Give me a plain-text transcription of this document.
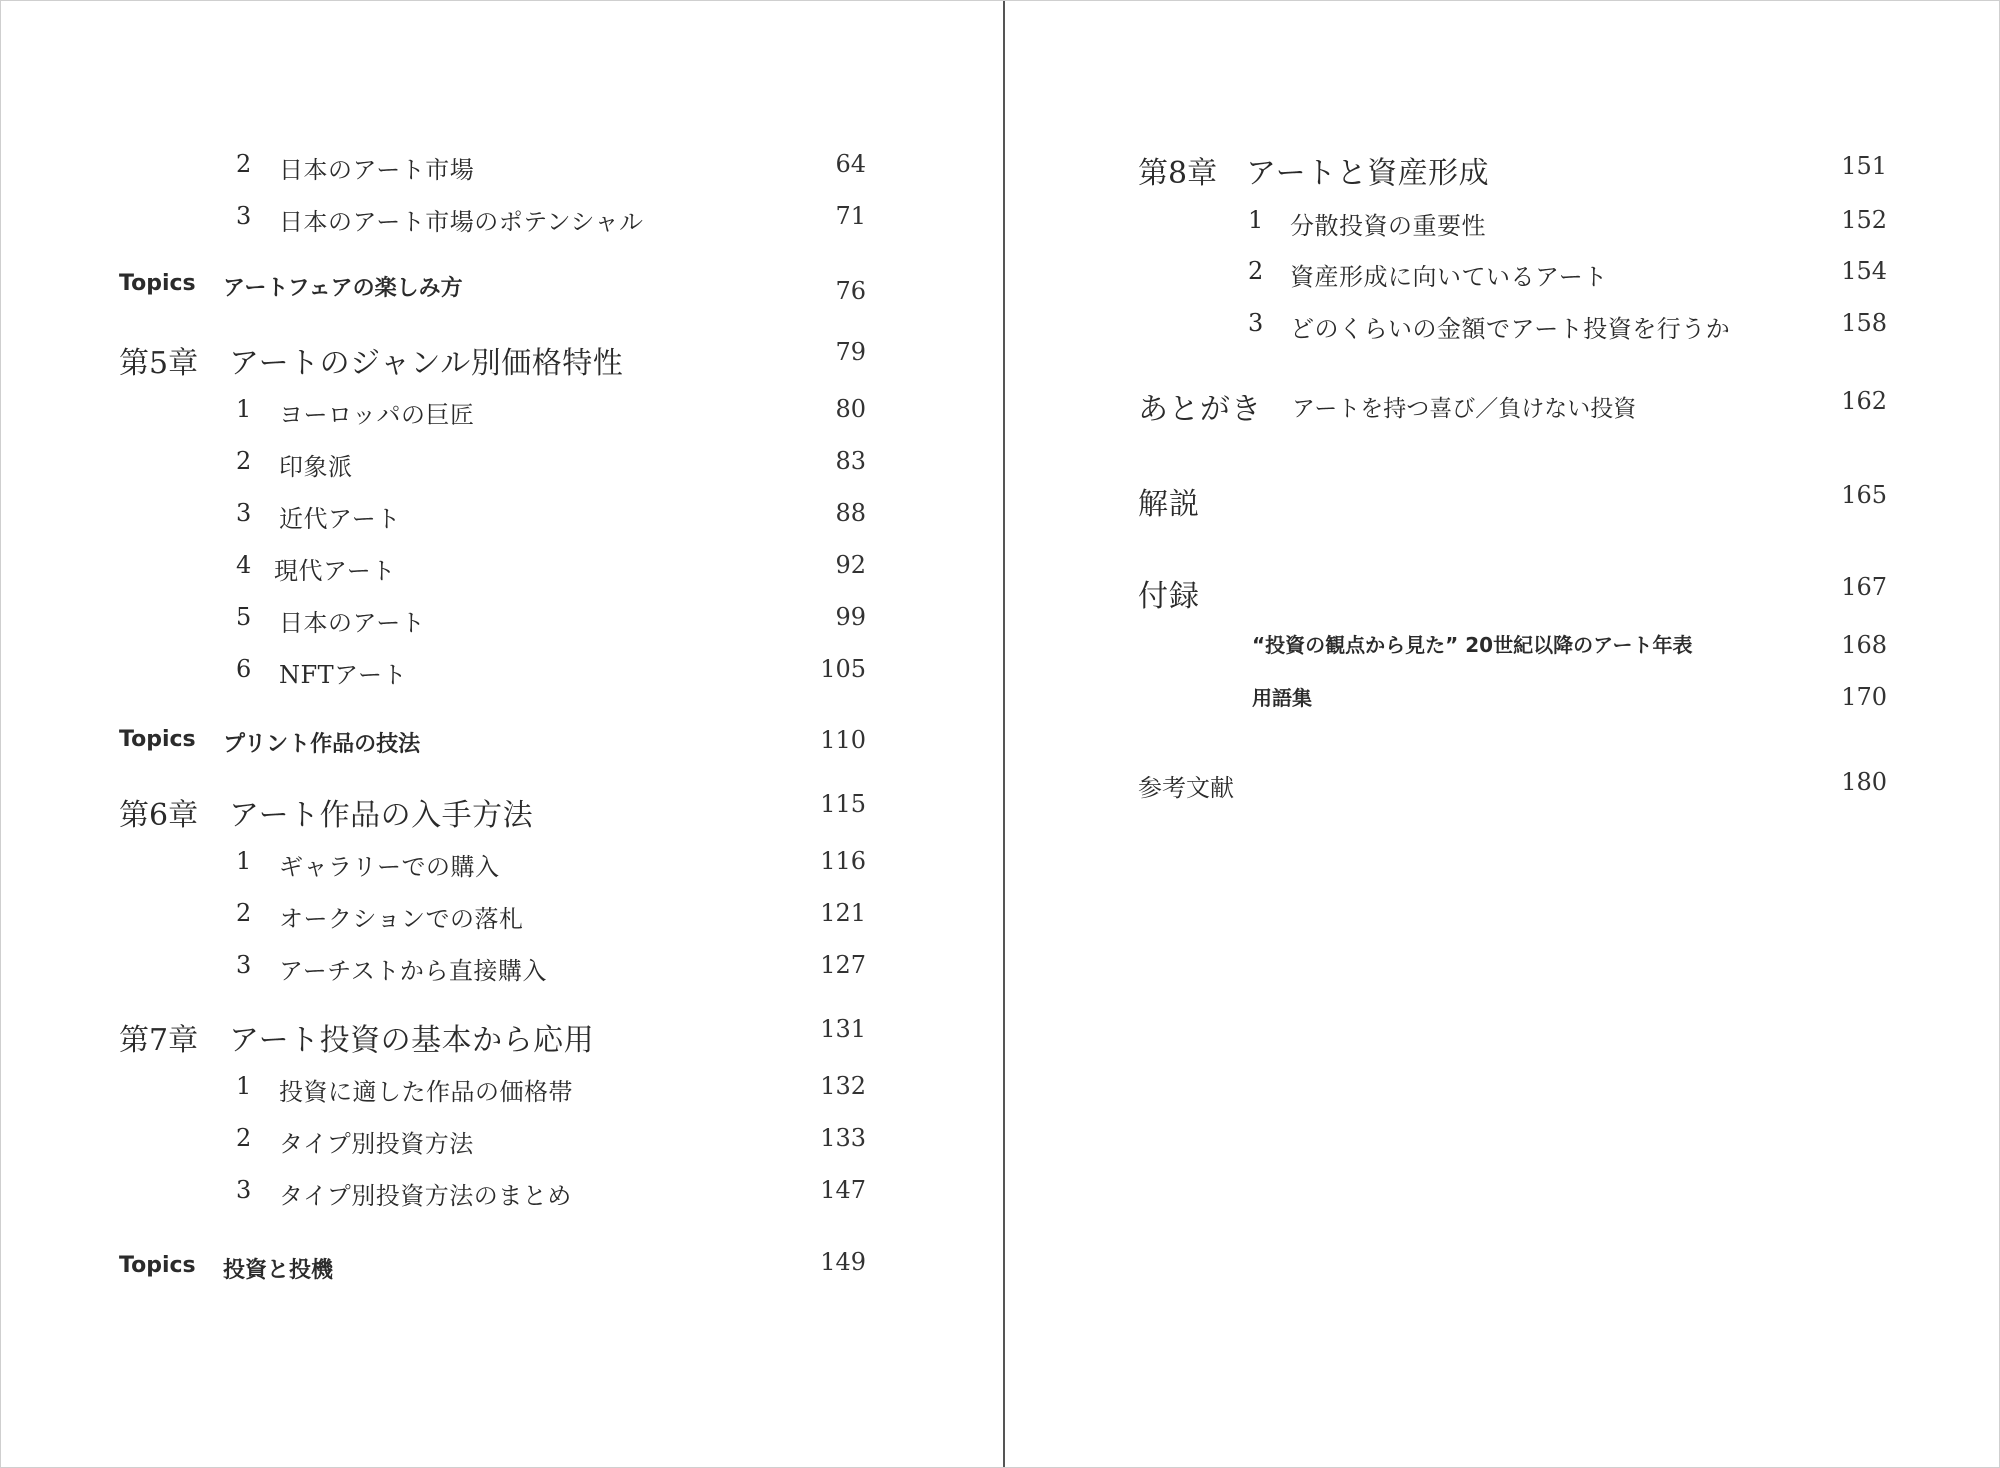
2 日本のアート市場	64
3 日本のアート市場のポテンシャル	71
Topics アートフェアの楽しみ方	76
第5章 アートのジャンル別価格特性	79
1 ヨーロッパの巨匠	80
2 印象派	83
3 近代アート	88
4 現代アート	92
5 日本のアート	99
6 NFTアート	105
Topics プリント作品の技法	110
第6章 アート作品の入手方法	115
1 ギャラリーでの購入	116
2 オークションでの落札	121
3 アーチストから直接購入	127
第7章 アート投資の基本から応用	131
1 投資に適した作品の価格帯	132
2 タイプ別投資方法	133
3 タイプ別投資方法のまとめ	147
Topics 投資と投機	149
第8章 アートと資産形成	151
1 分散投資の重要性	152
2 資産形成に向いているアート	154
3 どのくらいの金額でアート投資を行うか	158
あとがき アートを持つ喜び／負けない投資	162
解説	165
付録	167
“投資の観点から見た” 20世紀以降のアート年表	168
用語集	170
参考文献	180
